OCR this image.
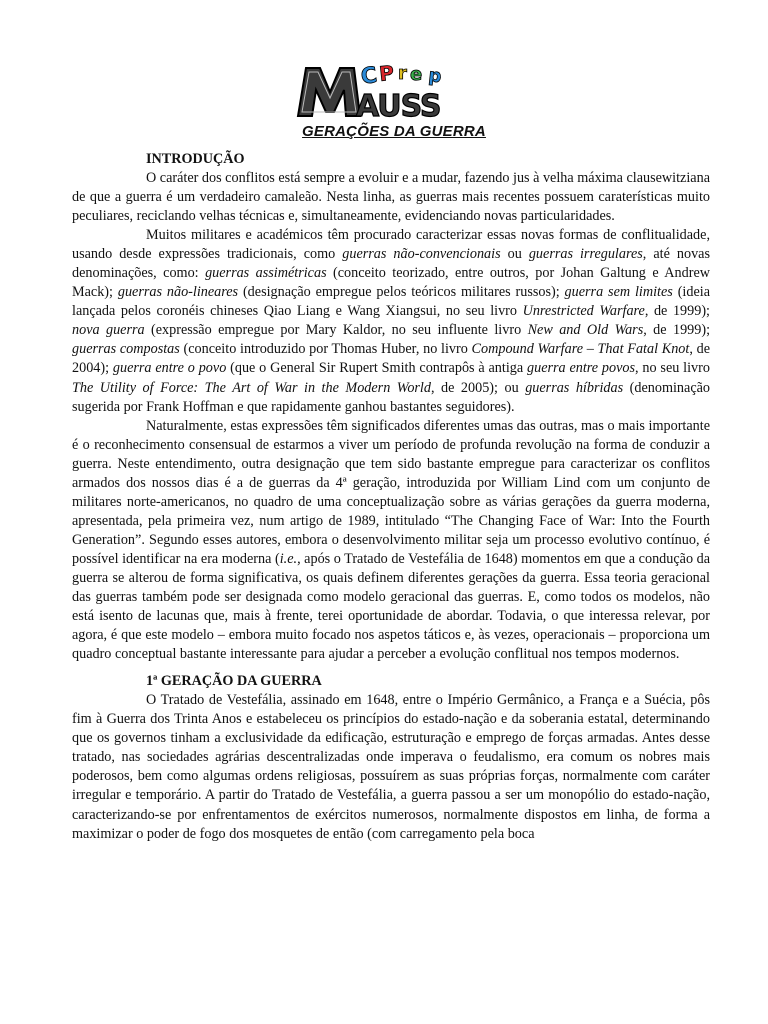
C P r e p
AUSS
GERAÇÕES DA GUERRA
INTRODUÇÃO

O caráter dos conflitos está sempre a evoluir e a mudar, fazendo jus à velha máxima clausewitziana de que a guerra é um verdadeiro camaleão. Nesta linha, as guerras mais recentes possuem caraterísticas muito peculiares, reciclando velhas técnicas e, simultaneamente, evidenciando novas particularidades.

Muitos militares e académicos têm procurado caracterizar essas novas formas de conflitualidade, usando desde expressões tradicionais, como guerras não-convencionais ou guerras irregulares, até novas denominações, como: guerras assimétricas (conceito teorizado, entre outros, por Johan Galtung e Andrew Mack); guerras não-lineares (designação empregue pelos teóricos militares russos); guerra sem limites (ideia lançada pelos coronéis chineses Qiao Liang e Wang Xiangsui, no seu livro Unrestricted Warfare, de 1999); nova guerra (expressão empregue por Mary Kaldor, no seu influente livro New and Old Wars, de 1999); guerras compostas (conceito introduzido por Thomas Huber, no livro Compound Warfare – That Fatal Knot, de 2004); guerra entre o povo (que o General Sir Rupert Smith contrapôs à antiga guerra entre povos, no seu livro The Utility of Force: The Art of War in the Modern World, de 2005); ou guerras híbridas (denominação sugerida por Frank Hoffman e que rapidamente ganhou bastantes seguidores).

Naturalmente, estas expressões têm significados diferentes umas das outras, mas o mais importante é o reconhecimento consensual de estarmos a viver um período de profunda revolução na forma de conduzir a guerra. Neste entendimento, outra designação que tem sido bastante empregue para caracterizar os conflitos armados dos nossos dias é a de guerras da 4ª geração, introduzida por William Lind com um conjunto de militares norte-americanos, no quadro de uma conceptualização sobre as várias gerações da guerra moderna, apresentada, pela primeira vez, num artigo de 1989, intitulado “The Changing Face of War: Into the Fourth Generation”. Segundo esses autores, embora o desenvolvimento militar seja um processo evolutivo contínuo, é possível identificar na era moderna (i.e., após o Tratado de Vestefália de 1648) momentos em que a condução da guerra se alterou de forma significativa, os quais definem diferentes gerações da guerra. Essa teoria geracional das guerras também pode ser designada como modelo geracional das guerras. E, como todos os modelos, não está isento de lacunas que, mais à frente, terei oportunidade de abordar. Todavia, o que interessa relevar, por agora, é que este modelo – embora muito focado nos aspetos táticos e, às vezes, operacionais – proporciona um quadro conceptual bastante interessante para ajudar a perceber a evolução conflitual nos tempos modernos.

1ª GERAÇÃO DA GUERRA

O Tratado de Vestefália, assinado em 1648, entre o Império Germânico, a França e a Suécia, pôs fim à Guerra dos Trinta Anos e estabeleceu os princípios do estado-nação e da soberania estatal, determinando que os governos tinham a exclusividade da edificação, estruturação e emprego de forças armadas. Antes desse tratado, nas sociedades agrárias descentralizadas onde imperava o feudalismo, era comum os nobres mais poderosos, bem como algumas ordens religiosas, possuírem as suas próprias forças, normalmente com caráter irregular e temporário. A partir do Tratado de Vestefália, a guerra passou a ser um monopólio do estado-nação, caracterizando-se por enfrentamentos de exércitos numerosos, normalmente dispostos em linha, de forma a maximizar o poder de fogo dos mosquetes de então (com carregamento pela boca
